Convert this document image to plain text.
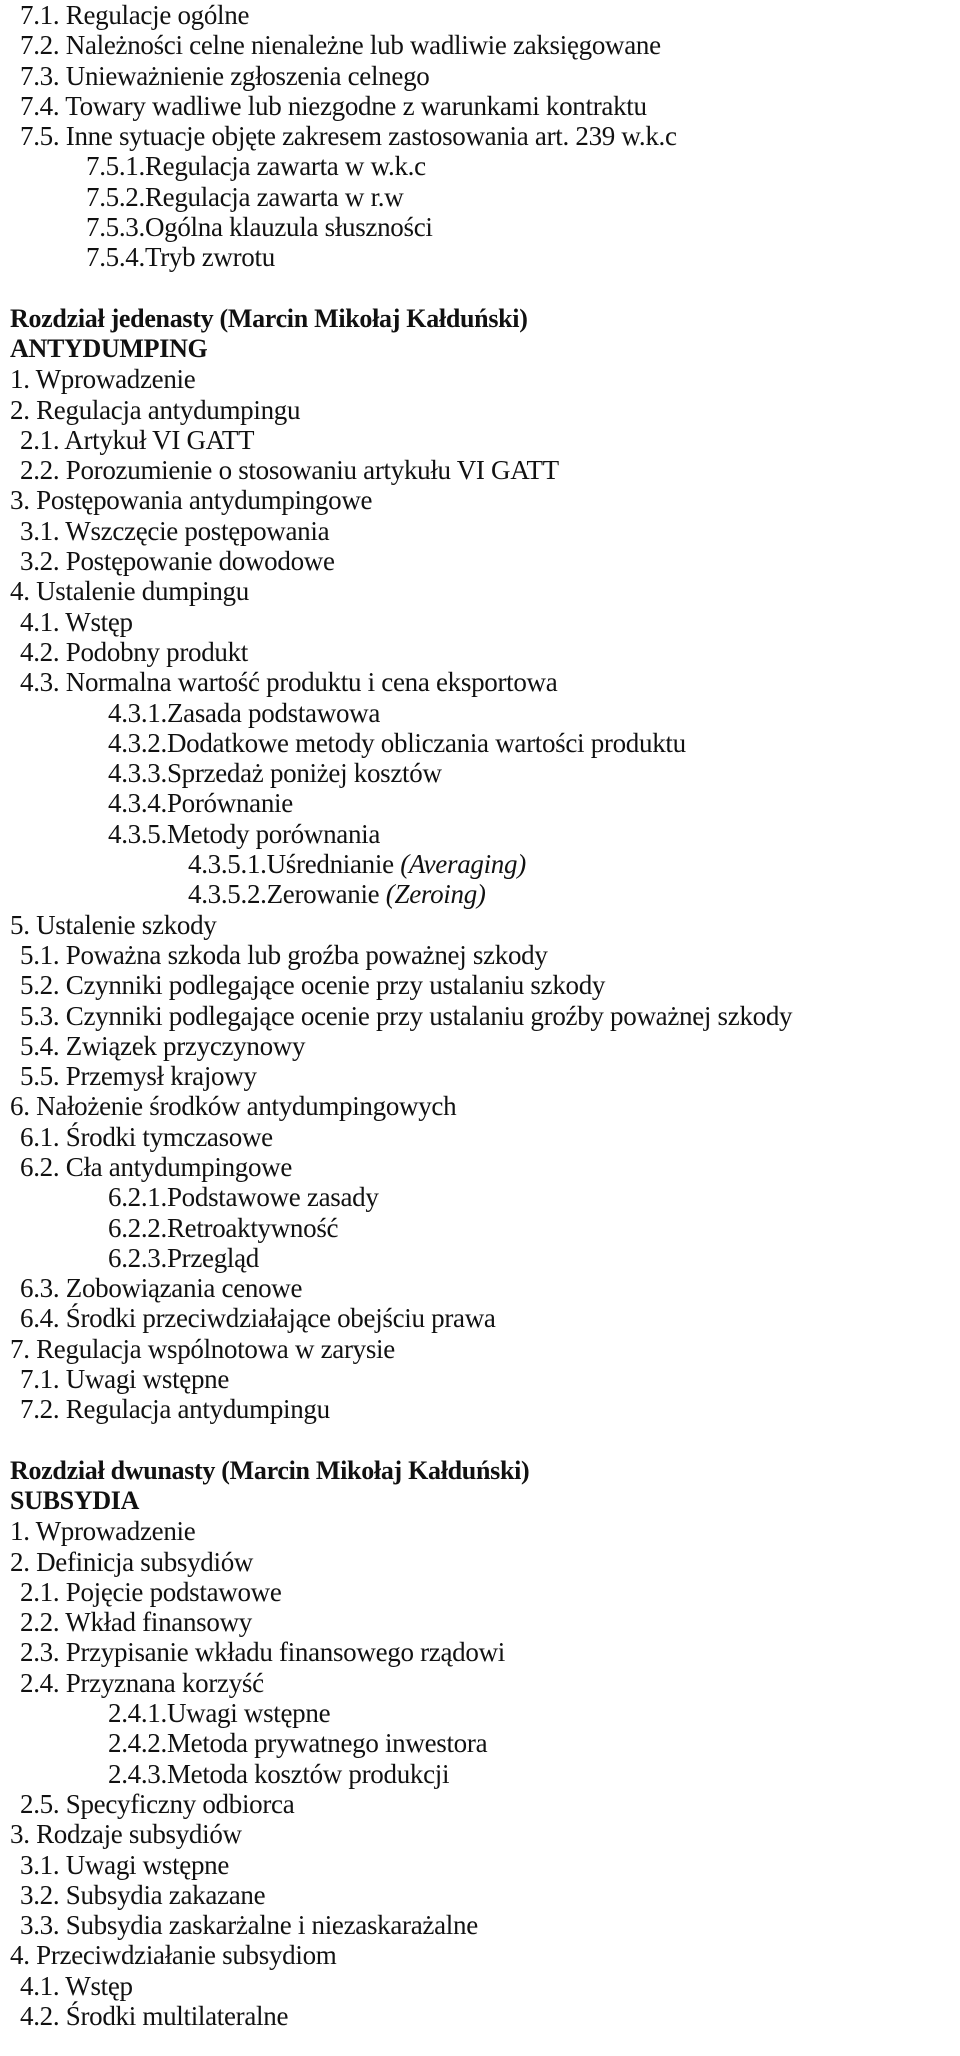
7.1. Regulacje ogólne
7.2. Należności celne nienależne lub wadliwie zaksięgowane
7.3. Unieważnienie zgłoszenia celnego
7.4. Towary wadliwe lub niezgodne z warunkami kontraktu
7.5. Inne sytuacje objęte zakresem zastosowania art. 239 w.k.c
7.5.1.Regulacja zawarta w w.k.c
7.5.2.Regulacja zawarta w r.w
7.5.3.Ogólna klauzula słuszności
7.5.4.Tryb zwrotu
Rozdział jedenasty (Marcin Mikołaj Kałduński)
ANTYDUMPING
1. Wprowadzenie
2. Regulacja antydumpingu
2.1. Artykuł VI GATT
2.2. Porozumienie o stosowaniu artykułu VI GATT
3. Postępowania antydumpingowe
3.1. Wszczęcie postępowania
3.2. Postępowanie dowodowe
4. Ustalenie dumpingu
4.1. Wstęp
4.2. Podobny produkt
4.3. Normalna wartość produktu i cena eksportowa
4.3.1.Zasada podstawowa
4.3.2.Dodatkowe metody obliczania wartości produktu
4.3.3.Sprzedaż poniżej kosztów
4.3.4.Porównanie
4.3.5.Metody porównania
4.3.5.1.Uśrednianie (Averaging)
4.3.5.2.Zerowanie (Zeroing)
5. Ustalenie szkody
5.1. Poważna szkoda lub groźba poważnej szkody
5.2. Czynniki podlegające ocenie przy ustalaniu szkody
5.3. Czynniki podlegające ocenie przy ustalaniu groźby poważnej szkody
5.4. Związek przyczynowy
5.5. Przemysł krajowy
6. Nałożenie środków antydumpingowych
6.1. Środki tymczasowe
6.2. Cła antydumpingowe
6.2.1.Podstawowe zasady
6.2.2.Retroaktywność
6.2.3.Przegląd
6.3. Zobowiązania cenowe
6.4. Środki przeciwdziałające obejściu prawa
7. Regulacja wspólnotowa w zarysie
7.1. Uwagi wstępne
7.2. Regulacja antydumpingu
Rozdział dwunasty (Marcin Mikołaj Kałduński)
SUBSYDIA
1. Wprowadzenie
2. Definicja subsydiów
2.1. Pojęcie podstawowe
2.2. Wkład finansowy
2.3. Przypisanie wkładu finansowego rządowi
2.4. Przyznana korzyść
2.4.1.Uwagi wstępne
2.4.2.Metoda prywatnego inwestora
2.4.3.Metoda kosztów produkcji
2.5. Specyficzny odbiorca
3. Rodzaje subsydiów
3.1. Uwagi wstępne
3.2. Subsydia zakazane
3.3. Subsydia zaskarżalne i niezaskarażalne
4. Przeciwdziałanie subsydiom
4.1. Wstęp
4.2. Środki multilateralne
